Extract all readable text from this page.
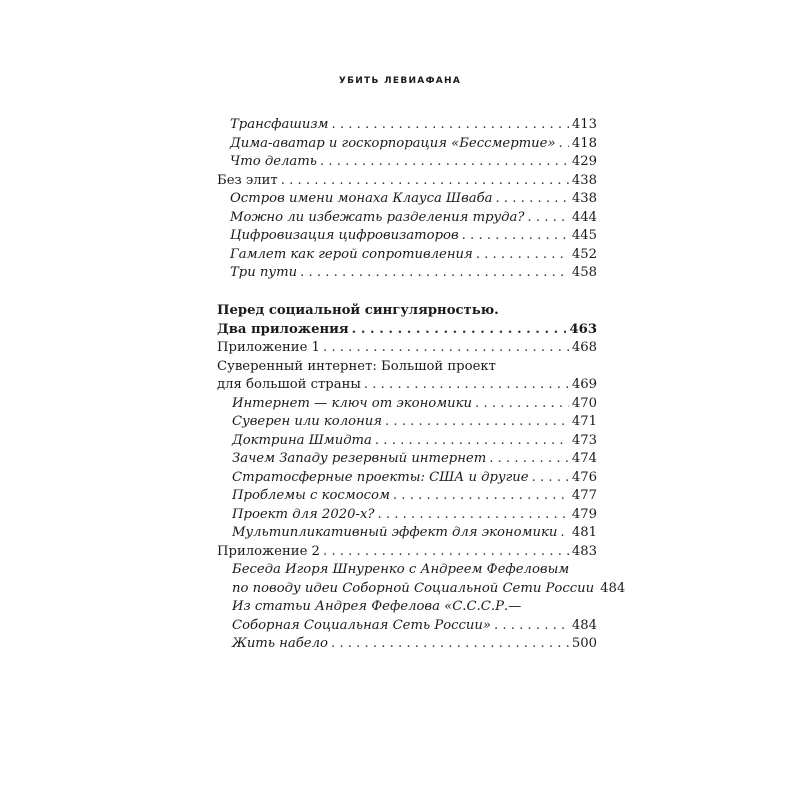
УБИТЬ ЛЕВИАФАНА
Трансфашизм . . .	413
Дима-аватар и госкорпорация «Бессмертие» . . . 418
Что делать . . .	429
Без элит . . .	438
Остров имени монаха Клауса Шваба . . .	438
Можно ли избежать разделения труда? . . .	444
Цифровизация цифровизаторов . . .	445
Гамлет как герой сопротивления . . .	452
Три пути . . .	458
Перед социальной сингулярностью.
Два приложения . . .	463
Приложение 1 . . .	468
Суверенный интернет: Большой проект
для большой страны . . .	469
Интернет — ключ от экономики . . .	470
Суверен или колония . . .	471
Доктрина Шмидта . . .	473
Зачем Западу резервный интернет . . .	474
Стратосферные проекты: США и другие . . .	476
Проблемы с космосом . . .	477
Проект для 2020-х? . . .	479
Мультипликативный эффект для экономики . . . 481
Приложение 2 . . .	483
Беседа Игоря Шнуренко с Андреем Фефеловым
по поводу идеи Соборной Социальной Сети России 484
Из статьи Андрея Фефелова «С.С.С.Р.—
Соборная Социальная Сеть России» . . .	484
Жить набело . . .	500
